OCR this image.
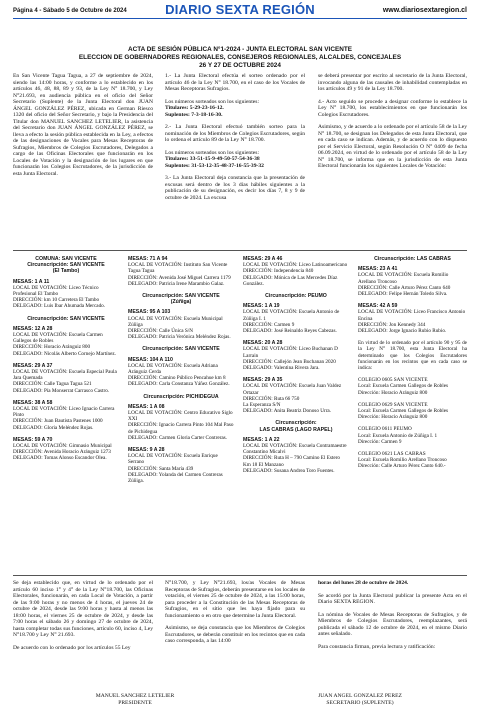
Página 4 - Sábado 5 de Octubre de 2024	DIARIO SEXTA REGIÓN	www.diariosextaregion.cl
ACTA DE SESIÓN PÚBLICA N°1-2024 - JUNTA ELECTORAL SAN VICENTE
ELECCION DE GOBERNADORES REGIONALES, CONSEJEROS REGIONALES, ALCALDES, CONCEJALES
26 Y 27 DE OCTUBRE 2024

En San Vicente Tagua Tagua, a 27 de septiembre de 2024, siendo las 14:00 horas, y conforme a lo establecido en los artículos 46, 48, 88, 89 y 93, de la Ley N° 18.700, y Ley N°21.693, en audiencia pública en el oficio del Señor Secretario (Suplente) de la Junta Electoral don JUAN ÁNGEL GONZÁLEZ PÉREZ, ubicada en German Riesco 1320 del oficio del Señor Secretario, y bajo la Presidencia del Titular don MANUEL SANCHEZ LETELIER, la asistencia del Secretario don JUAN ÁNGEL GONZÁLEZ PÉREZ, se lleva a efecto la sesión pública establecida en la Ley, a efectos de las designaciones de Vocales para Mesas Receptoras de Sufragios, Miembros de Colegios Escrutadores, Delegados a cargo de las Oficinas Electorales que funcionarán en los Locales de Votación y la designación de los lugares en que funcionarán los Colegios Escrutadores, de la jurisdicción de esta Junta Electoral.

1.- La Junta Electoral efectúa el sorteo ordenado por el artículo 46 de la Ley N° 18.700, en el caso de los Vocales de Mesas Receptoras Sufragios.

Los números sorteados son los siguientes:

Titulares: 5-29-23-16-12.

Suplentes: 7-3-18-16-30.

2.- La Junta Electoral efectuó también sorteo para la nominación de los Miembros de Colegios Escrutadores, según lo ordena el artículo 89 de la Ley N° 18.700.

Los números sorteados son los siguientes:

Titulares: 33-51-15-9-49-50-57-54-36-38

Suplentes: 31-53-12-35-48-37-16-55-39-32

3.- La Junta Electoral deja constancia que la presentación de excusas será dentro de los 3 días hábiles siguientes a la publicación de su designación, es decir los días 7, 8 y 9 de octubre de 2024. La excusa

se deberá presentar por escrito al secretario de la Junta Electoral, invocando alguna de las causales de inhabilidad contempladas en los artículos 49 y 91 de la Ley 18.700.

4.- Acto seguido se procede a designar conforme lo establece la Ley N° 18.700, los establecimientos en que funcionarán los Colegios Escrutadores.

Asimismo, y de acuerdo a lo ordenado por el artículo 58 de la Ley N° 18.700, se designan los Delegados de esta Junta Electoral, que en cada caso se indican. Además, y de acuerdo con lo dispuesto por el Servicio Electoral, según Resolución O N° 0409 de fecha 06.09.2024, en virtud de lo ordenado por el artículo 58 de la Ley N° 18.700, se informa que en la jurisdicción de esta Junta Electoral funcionarán los siguientes Locales de Votación:

COMUNA: SAN VICENTE
Circunscripción: SAN VICENTE
(El Tambo)
MESAS: 1 A 11
LOCAL DE VOTACIÓN: Liceo Técnico Profesional El Tambo
DIRECCIÓN: km 10 Carretera El Tambo
DELEGADO: Luis Ibar Ahumada Mercado.
Circunscripción: SAN VICENTE
MESAS: 12 A 28
LOCAL DE VOTACIÓN: Escuela Carmen Gallegos de Robles
DIRECCIÓN: Horacio Aránguiz 800
DELEGADO: Nicolás Alberto Cornejo Martínez.
MESAS: 29 A 37
LOCAL DE VOTACIÓN: Escuela Especial Paula Jara Quemada
DIRECCIÓN: Calle Tagua Tagua 521
DELEGADO: Pía Monserrat Carrasco Castro.
MESAS: 38 A 58
LOCAL DE VOTACIÓN: Liceo Ignacio Carrera Pinto
DIRECCIÓN: Juan Bautista Pastenes 1000
DELEGADO: Gloria Meléndez Rojas.
MESAS: 59 A 70
LOCAL DE VOTACIÓN: Gimnasio Municipal
DIRECCIÓN: Avenida Horacio Aránguiz 1273
DELEGADO: Tomas Alonso Escandor Olea.
MESAS: 71 A 94
LOCAL DE VOTACIÓN: Instituto San Vicente Tagua Tagua
DIRECCIÓN: Avenida José Miguel Carrera 1179
DELEGADO: Patricia Irene Marambio Galaz.
Circunscripción: SAN VICENTE
(Zúñiga)
MESAS: 95 A 103
LOCAL DE VOTACIÓN: Escuela Municipal Zúñiga
DIRECCIÓN: Calle Única S/N
DELEGADO: Patricia Verónica Meléndez Rojas.
Circunscripción: SAN VICENTE
MESAS: 104 A 110
LOCAL DE VOTACIÓN: Escuela Adriana Aránguiz Cerda
DIRECCIÓN: Camino Público Pencahue km 8
DELEGADO: Carla Constanza Yáñez González.
Circunscripción: PICHIDEGUA
MESAS: 1 A 08
LOCAL DE VOTACIÓN: Centro Educativo Siglo XXI
DIRECCIÓN: Ignacio Carrera Pinto 104 Mal Paso de Pichidegua
DELEGADO: Carmen Gloria Carter Contreras.
MESAS: 9 A 28
LOCAL DE VOTACIÓN: Escuela Enrique Serrano
DIRECCIÓN: Santa María 439
DELEGADO: Yolanda del Carmen Contreras Zúñiga.
MESAS: 29 A 46
LOCAL DE VOTACIÓN: Liceo Latinoamericano
DIRECCIÓN: Independencia 840
DELEGADO: Mónica de Las Mercedes Díaz González.
Circunscripción: PEUMO
MESAS: 1 A 19
LOCAL DE VOTACIÓN: Escuela Antonio de Zúñiga I. 1
DIRECCIÓN: Carmen 9
DELEGADO: José Reinaldo Reyes Cabezas.
MESAS: 20 A 28
LOCAL DE VOTACIÓN: Liceo Buchanan D Larrain
DIRECCIÓN: Callejón Jean Buchanan 2020
DELEGADO: Valentina Rivera Jara.
MESAS: 29 A 35
LOCAL DE VOTACIÓN: Escuela Juan Valdez Ortazar
DIRECCIÓN: Ruta 66 750
La Esperanza S/N
DELEGADO: Anita Beatriz Donoso Urra.
Circunscripción:
LAS CABRAS (LAGO RAPEL)
MESAS: 1 A 22
LOCAL DE VOTACIÓN: Escuela Contramaestre Constantino Micalvi
DIRECCIÓN: Ruta H – 790 Camino El Estero Km 18 El Manzano
DELEGADO: Susana Andrea Toro Fuentes.
Circunscripción: LAS CABRAS
MESAS: 23 A 41
LOCAL DE VOTACIÓN: Escuela Romilio Arellano Troncoso
DIRECCIÓN: Calle Arturo Pérez Canto 640
DELEGADO: Felipe Hernán Toledo Silva.
MESAS: 42 A 59
LOCAL DE VOTACIÓN: Liceo Francisco Antonio Encina
DIRECCIÓN: Jon Kennedy 344
DELEGADO: Jorge Ignacio Rubio Rubio.
En virtud de lo ordenado por el artículo 90 y 95 de la Ley N° 18.700, esta Junta Electoral ha determinado que los Colegios Escrutadores funcionarán en los recintos que en cada caso se indica:
COLEGIO 0605 SAN VICENTE
Local: Escuela Carmen Gallegos de Robles
Dirección: Horacio Aránguiz 800
COLEGIO 0629 SAN VICENTE
Local: Escuela Carmen Gallegos de Robles
Dirección: Horacio Aránguiz 800
COLEGIO 0611 PEUMO
Local: Escuela Antonio de Zúñiga I. 1
Dirección: Carmen 9
COLEGIO 0621 LAS CABRAS
Local: Escuela Romilio Arellano Troncoso
Dirección: Calle Arturo Pérez Canto 640.-

Se deja establecido que, en virtud de lo ordenado por el artículo 60 inciso 1° y 4° de la Ley N°18.700, las Oficinas Electorales, funcionarán, en cada Local de Votación, a partir de las 9:00 horas y no menos de 4 horas, el jueves 24 de octubre de 2024, desde las 9:00 horas y hasta al menos las 18:00 horas, el viernes 25 de octubre de 2024, y desde las 7:00 horas el sábado 26 y domingo 27 de octubre de 2024, hasta completar todas sus funciones, artículo 60, inciso 4, Ley N°18.700 y Ley N° 21.693.

De acuerdo con lo ordenado por los artículos 55 Ley

N°18.700, y Ley N°21.693, los/as Vocales de Mesas Receptoras de Sufragios, deberán presentarse en los locales de votación, el viernes 25 de octubre de 2024, a las 15:00 horas, para proceder a la Constitución de las Mesas Receptoras de Sufragios, en el sitio que les haya fijado para su funcionamiento o en otro que determine la Junta Electoral.

Asimismo, se deja constancia que los Miembros de Colegios Escrutadores, se deberán constituir en los recintos que en cada caso corresponda, a las 14:00

horas del lunes 28 de octubre de 2024.

Se acordó por la Junta Electoral publicar la presente Acta en el Diario SEXTA REGION.

La nómina de Vocales de Mesas Receptoras de Sufragios, y de Miembros de Colegios Escrutadores, reemplazantes, será publicada el sábado 12 de octubre de 2024, en el mismo Diario antes señalado.

Para constancia firman, previa lectura y ratificación:

MANUEL SANCHEZ LETELIER
PRESIDENTE
JUAN ANGEL GONZALEZ PEREZ
SECRETARIO (SUPLENTE)
